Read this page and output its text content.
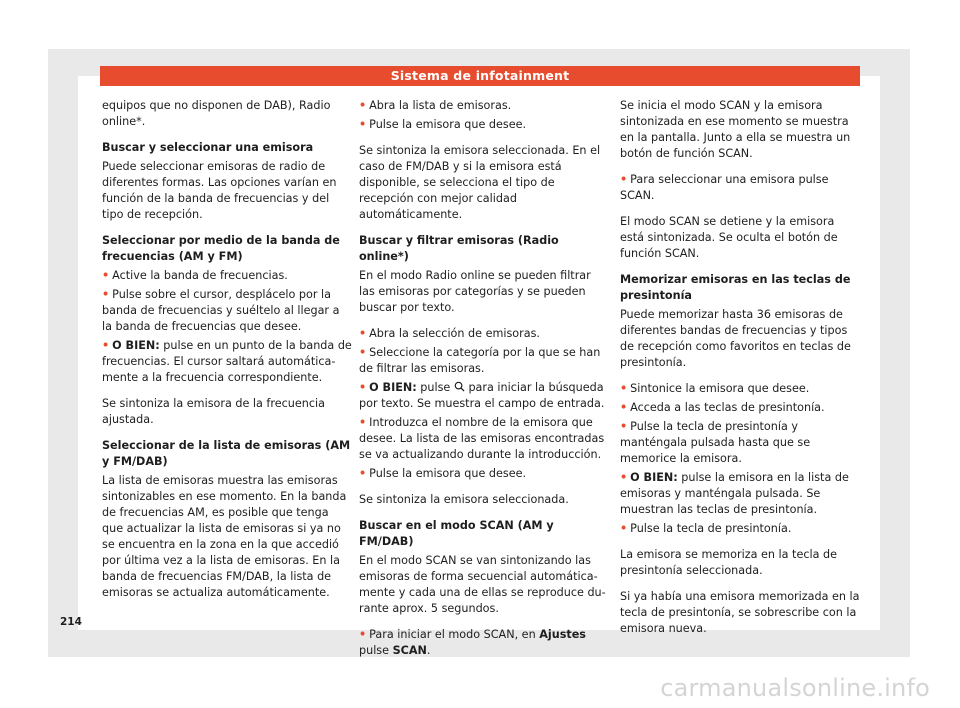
Sistema de infotainment

equipos que no disponen de DAB), Radio online*.

Buscar y seleccionar una emisora

Puede seleccionar emisoras de radio de diferentes formas. Las opciones varían en función de la banda de frecuencias y del tipo de recepción.

Seleccionar por medio de la banda de frecuencias (AM y FM)
• Active la banda de frecuencias.
• Pulse sobre el cursor, desplácelo por la banda de frecuencias y suéltelo al llegar a la banda de frecuencias que desee.
• O BIEN: pulse en un punto de la banda de frecuencias. El cursor saltará automáticamente a la frecuencia correspondiente.

Se sintoniza la emisora de la frecuencia ajustada.

Seleccionar de la lista de emisoras (AM y FM/DAB)

La lista de emisoras muestra las emisoras sintonizables en ese momento. En la banda de frecuencias AM, es posible que tenga que actualizar la lista de emisoras si ya no se encuentra en la zona en la que accedió por última vez a la lista de emisoras. En la banda de frecuencias FM/DAB, la lista de emisoras se actualiza automáticamente.

• Abra la lista de emisoras.
• Pulse la emisora que desee.

Se sintoniza la emisora seleccionada. En el caso de FM/DAB y si la emisora está disponible, se selecciona el tipo de recepción con mejor calidad automáticamente.

Buscar y filtrar emisoras (Radio online*)

En el modo Radio online se pueden filtrar las emisoras por categorías y se pueden buscar por texto.

• Abra la selección de emisoras.
• Seleccione la categoría por la que se han de filtrar las emisoras.
• O BIEN: pulse para iniciar la búsqueda por texto. Se muestra el campo de entrada.
• Introduzca el nombre de la emisora que desee. La lista de las emisoras encontradas se va actualizando durante la introducción.
• Pulse la emisora que desee.

Se sintoniza la emisora seleccionada.

Buscar en el modo SCAN (AM y FM/DAB)

En el modo SCAN se van sintonizando las emisoras de forma secuencial automáticamente y cada una de ellas se reproduce durante aprox. 5 segundos.

• Para iniciar el modo SCAN, en Ajustes pulse SCAN.

Se inicia el modo SCAN y la emisora sintonizada en ese momento se muestra en la pantalla. Junto a ella se muestra un botón de función SCAN.

• Para seleccionar una emisora pulse SCAN.

El modo SCAN se detiene y la emisora está sintonizada. Se oculta el botón de función SCAN.

Memorizar emisoras en las teclas de presintonía

Puede memorizar hasta 36 emisoras de diferentes bandas de frecuencias y tipos de recepción como favoritos en teclas de presintonía.

• Sintonice la emisora que desee.
• Acceda a las teclas de presintonía.
• Pulse la tecla de presintonía y manténgala pulsada hasta que se memorice la emisora.
• O BIEN: pulse la emisora en la lista de emisoras y manténgala pulsada. Se muestran las teclas de presintonía.
• Pulse la tecla de presintonía.

La emisora se memoriza en la tecla de presintonía seleccionada.

Si ya había una emisora memorizada en la tecla de presintonía, se sobrescribe con la emisora nueva.

214
carmanualsonline.info
